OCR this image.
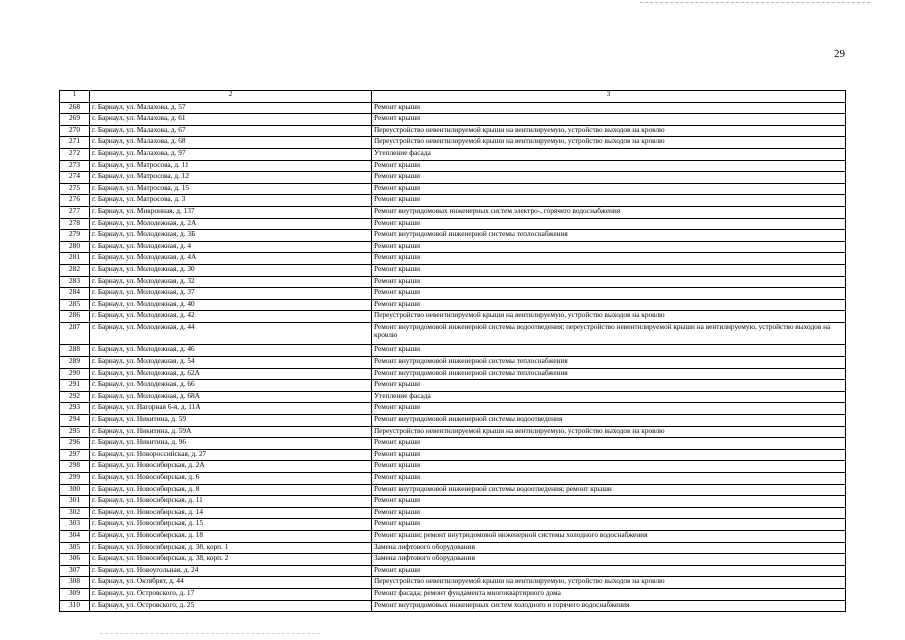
29
1	2	3
268	г. Барнаул, ул. Малахова, д. 57	Ремонт крыши
269	г. Барнаул, ул. Малахова, д. 61	Ремонт крыши
270	г. Барнаул, ул. Малахова, д. 67	Переустройство невентилируемой крыши на вентилируемую, устройство выходов на кровлю
271	г. Барнаул, ул. Малахова, д. 68	Переустройство невентилируемой крыши на вентилируемую, устройство выходов на кровлю
272	г. Барнаул, ул. Малахова, д. 97	Утепление фасада
273	г. Барнаул, ул. Матросова, д. 11	Ремонт крыши
274	г. Барнаул, ул. Матросова, д. 12	Ремонт крыши
275	г. Барнаул, ул. Матросова, д. 15	Ремонт крыши
276	г. Барнаул, ул. Матросова, д. 3	Ремонт крыши
277	г. Барнаул, ул. Микронная, д. 137	Ремонт внутридомовых инженерных систем электро-, горячего водоснабжения
278	г. Барнаул, ул. Молодежная, д. 2А	Ремонт крыши
279	г. Барнаул, ул. Молодежная, д. 3Б	Ремонт внутридомовой инженерной системы теплоснабжения
280	г. Барнаул, ул. Молодежная, д. 4	Ремонт крыши
281	г. Барнаул, ул. Молодежная, д. 4А	Ремонт крыши
282	г. Барнаул, ул. Молодежная, д. 30	Ремонт крыши
283	г. Барнаул, ул. Молодежная, д. 32	Ремонт крыши
284	г. Барнаул, ул. Молодежная, д. 37	Ремонт крыши
285	г. Барнаул, ул. Молодежная, д. 40	Ремонт крыши
286	г. Барнаул, ул. Молодежная, д. 42	Переустройство невентилируемой крыши на вентилируемую, устройство выходов на кровлю
287	г. Барнаул, ул. Молодежная, д. 44	Ремонт внутридомовой инженерной системы водоотведения; переустройство невентилируемой крыши на вентилируемую, устройство выходов на кровлю
288	г. Барнаул, ул. Молодежная, д. 46	Ремонт крыши
289	г. Барнаул, ул. Молодежная, д. 54	Ремонт внутридомовой инженерной системы теплоснабжения
290	г. Барнаул, ул. Молодежная, д. 62А	Ремонт внутридомовой инженерной системы теплоснабжения
291	г. Барнаул, ул. Молодежная, д. 66	Ремонт крыши
292	г. Барнаул, ул. Молодежная, д. 68А	Утепление фасада
293	г. Барнаул, ул. Нагорная 6-я, д. 11А	Ремонт крыши
294	г. Барнаул, ул. Никитина, д. 59	Ремонт внутридомовой инженерной системы водоотведения
295	г. Барнаул, ул. Никитина, д. 59А	Переустройство невентилируемой крыши на вентилируемую, устройство выходов на кровлю
296	г. Барнаул, ул. Никитина, д. 96	Ремонт крыши
297	г. Барнаул, ул. Новороссийская, д. 27	Ремонт крыши
298	г. Барнаул, ул. Новосибирская, д. 2А	Ремонт крыши
299	г. Барнаул, ул. Новосибирская, д. 6	Ремонт крыши
300	г. Барнаул, ул. Новосибирская, д. 8	Ремонт внутридомовой инженерной системы водоотведения; ремонт крыши
301	г. Барнаул, ул. Новосибирская, д. 11	Ремонт крыши
302	г. Барнаул, ул. Новосибирская, д. 14	Ремонт крыши
303	г. Барнаул, ул. Новосибирская, д. 15	Ремонт крыши
304	г. Барнаул, ул. Новосибирская, д. 18	Ремонт крыши; ремонт внутридомовой инженерной системы холодного водоснабжения
305	г. Барнаул, ул. Новосибирская, д. 38, корп. 1	Замена лифтового оборудования
306	г. Барнаул, ул. Новосибирская, д. 38, корп. 2	Замена лифтового оборудования
307	г. Барнаул, ул. Новоугольная, д. 24	Ремонт крыши
308	г. Барнаул, ул. Октябрят, д. 44	Переустройство невентилируемой крыши на вентилируемую, устройство выходов на кровлю
309	г. Барнаул, ул. Островского, д. 17	Ремонт фасада; ремонт фундамента многоквартирного дома
310	г. Барнаул, ул. Островского, д. 25	Ремонт внутридомовых инженерных систем холодного и горячего водоснабжения
